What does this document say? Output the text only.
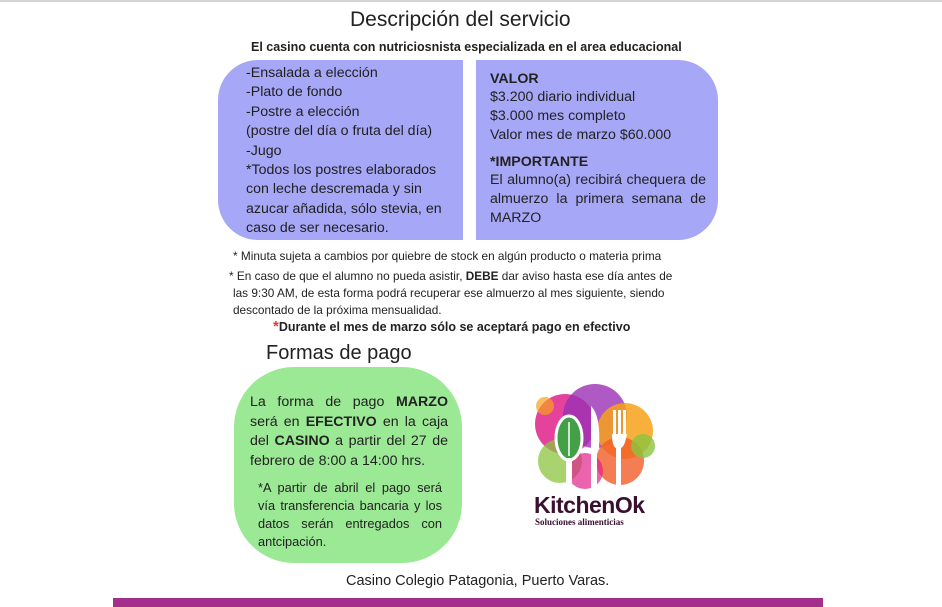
Descripción del servicio
El casino cuenta con nutriciosnista especializada en el area educacional
-Ensalada a elección
-Plato de fondo
-Postre a elección
(postre del día o fruta del día)
-Jugo
*Todos los postres elaborados
con leche descremada y sin
azucar añadida, sólo stevia, en
caso de ser necesario.
VALOR
$3.200 diario individual
$3.000 mes completo
Valor mes de marzo $60.000
*IMPORTANTE
El alumno(a) recibirá chequera de almuerzo la primera semana de MARZO
* Minuta sujeta a cambios por quiebre de stock en algún producto o materia prima
* En caso de que el alumno no pueda asistir, DEBE dar aviso hasta ese día antes de
las 9:30 AM, de esta forma podrá recuperar ese almuerzo al mes siguiente, siendo
descontado de la próxima mensualidad.
*Durante el mes de marzo sólo se aceptará pago en efectivo
Formas de pago
La forma de pago MARZO será en EFECTIVO en la caja del CASINO a partir del 27 de febrero de 8:00 a 14:00 hrs.
*A partir de abril el pago será vía transferencia bancaria y los datos serán entregados con antcipación.
KitchenOk
Soluciones alimenticias
Casino Colegio Patagonia, Puerto Varas.
